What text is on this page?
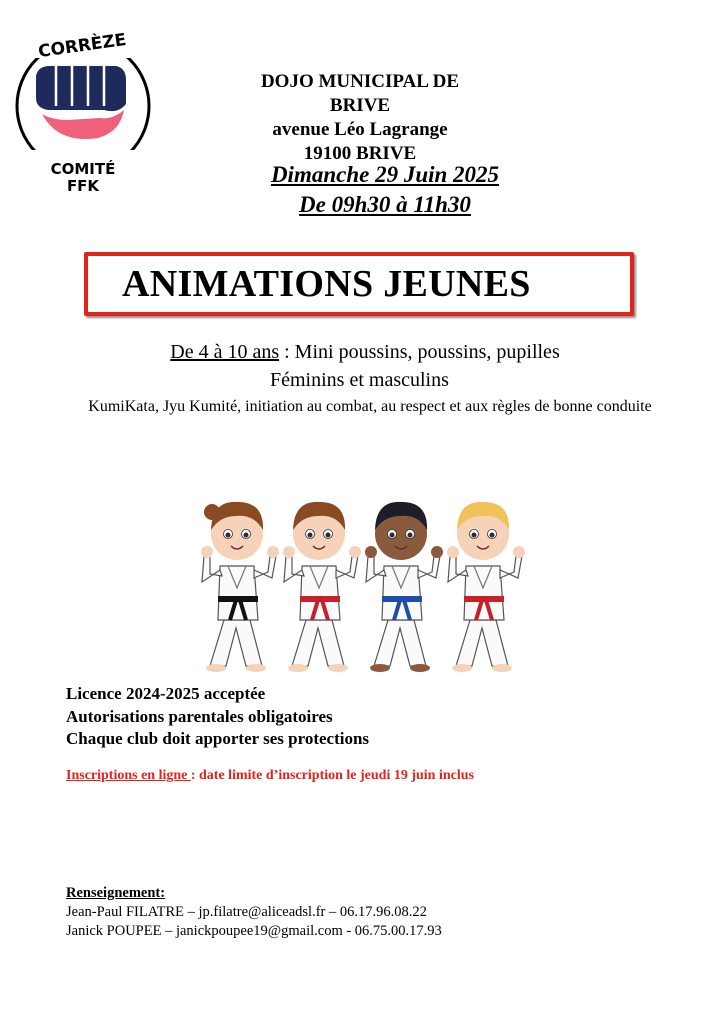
CORRÈZE
COMITÉ
FFK
DOJO MUNICIPAL DE BRIVE
avenue Léo Lagrange
19100 BRIVE
Dimanche 29 Juin 2025
De 09h30 à 11h30
ANIMATIONS JEUNES
De 4 à 10 ans : Mini poussins, poussins, pupilles
Féminins et masculins
KumiKata, Jyu Kumité, initiation au combat, au respect et aux règles de bonne conduite
Licence 2024-2025 acceptée
Autorisations parentales obligatoires
Chaque club doit apporter ses protections
Inscriptions en ligne : date limite d’inscription le jeudi 19 juin inclus
Renseignement:
Jean-Paul FILATRE – jp.filatre@aliceadsl.fr – 06.17.96.08.22
Janick POUPEE – janickpoupee19@gmail.com - 06.75.00.17.93
